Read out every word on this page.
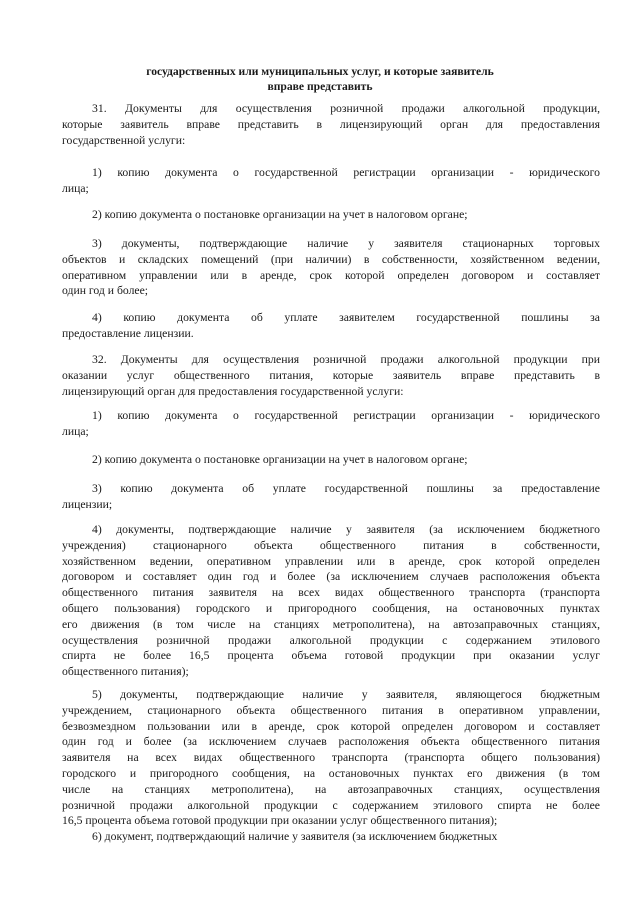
государственных или муниципальных услуг, и которые заявитель
вправе представить
31. Документы для осуществления розничной продажи алкогольной продукции,
которые заявитель вправе представить в лицензирующий орган для предоставления
государственной услуги:
1) копию документа о государственной регистрации организации - юридического
лица;
2) копию документа о постановке организации на учет в налоговом органе;
3) документы, подтверждающие наличие у заявителя стационарных торговых
объектов и складских помещений (при наличии) в собственности, хозяйственном ведении,
оперативном управлении или в аренде, срок которой определен договором и составляет
один год и более;
4) копию документа об уплате заявителем государственной пошлины за
предоставление лицензии.
32. Документы для осуществления розничной продажи алкогольной продукции при
оказании услуг общественного питания, которые заявитель вправе представить в
лицензирующий орган для предоставления государственной услуги:
1) копию документа о государственной регистрации организации - юридического
лица;
2) копию документа о постановке организации на учет в налоговом органе;
3) копию документа об уплате государственной пошлины за предоставление
лицензии;
4) документы, подтверждающие наличие у заявителя (за исключением бюджетного
учреждения) стационарного объекта общественного питания в собственности,
хозяйственном ведении, оперативном управлении или в аренде, срок которой определен
договором и составляет один год и более (за исключением случаев расположения объекта
общественного питания заявителя на всех видах общественного транспорта (транспорта
общего пользования) городского и пригородного сообщения, на остановочных пунктах
его движения (в том числе на станциях метрополитена), на автозаправочных станциях,
осуществления розничной продажи алкогольной продукции с содержанием этилового
спирта не более 16,5 процента объема готовой продукции при оказании услуг
общественного питания);
5) документы, подтверждающие наличие у заявителя, являющегося бюджетным
учреждением, стационарного объекта общественного питания в оперативном управлении,
безвозмездном пользовании или в аренде, срок которой определен договором и составляет
один год и более (за исключением случаев расположения объекта общественного питания
заявителя на всех видах общественного транспорта (транспорта общего пользования)
городского и пригородного сообщения, на остановочных пунктах его движения (в том
числе на станциях метрополитена), на автозаправочных станциях, осуществления
розничной продажи алкогольной продукции с содержанием этилового спирта не более
16,5 процента объема готовой продукции при оказании услуг общественного питания);
6) документ, подтверждающий наличие у заявителя (за исключением бюджетных
